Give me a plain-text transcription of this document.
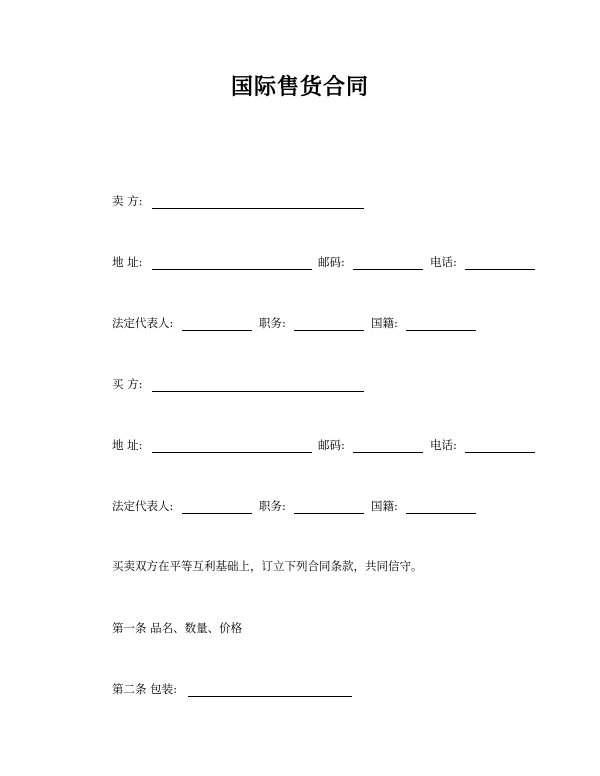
国际售货合同
卖 方:
地 址:	邮码:	电话:
法定代表人:	职务:	国籍:
买 方:
地 址:	邮码:	电话:
法定代表人:	职务:	国籍:
买卖双方在平等互利基础上，订立下列合同条款，共同信守。
第一条 品名、数量、价格
第二条 包装:
